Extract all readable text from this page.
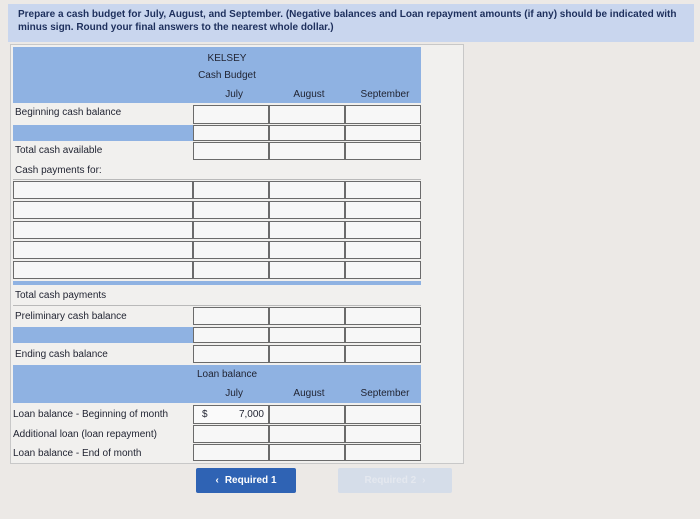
Prepare a cash budget for July, August, and September. (Negative balances and Loan repayment amounts (if any) should be indicated with minus sign. Round your final answers to the nearest whole dollar.)
KELSEY
Cash Budget
July	August	September
Beginning cash balance
Total cash available
Cash payments for:
Total cash payments
Preliminary cash balance
Ending cash balance
Loan balance
July	August	September
Loan balance - Beginning of month	$	7,000
Additional loan (loan repayment)
Loan balance - End of month
‹ Required 1	Required 2 ›
